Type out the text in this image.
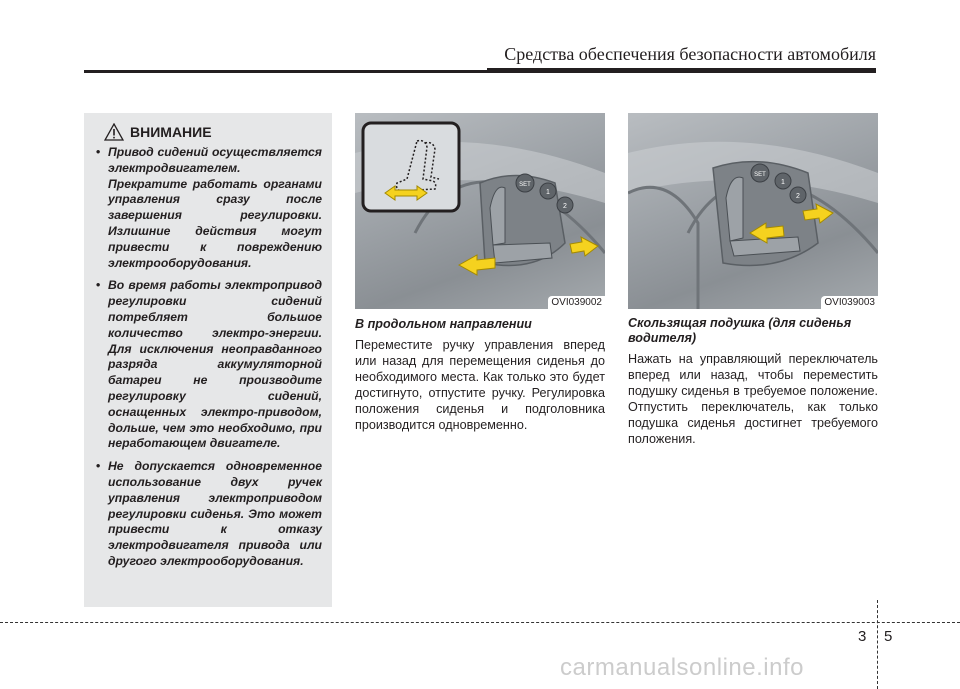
Средства обеспечения безопасности автомобиля
ВНИМАНИЕ
• Привод сидений осуществляется электродвигателем. Прекратите работать органами управления сразу после завершения регулировки. Излишние действия могут привести к повреждению электрооборудования.
• Во время работы электропривод регулировки сидений потребляет большое количество электро-энергии. Для исключения неоправданного разряда аккумуляторной батареи не производите регулировку сидений, оснащенных электро-приводом, дольше, чем это необходимо, при неработающем двигателе.
• Не допускается одновременное использование двух ручек управления электроприводом регулировки сиденья. Это может привести к отказу электродвигателя привода или другого электрооборудования.
SET
1
2
OVI039002
SET
1
2
OVI039003
В продольном направлении

Переместите ручку управления вперед или назад для перемещения сиденья до необходимого места. Как только это будет достигнуто, отпустите ручку. Регулировка положения сиденья и подголовника производится одновременно.

Скользящая подушка (для сиденья водителя)

Нажать на управляющий переключатель вперед или назад, чтобы переместить подушку сиденья в требуемое положение. Отпустить переключатель, как только подушка сиденья достигнет требуемого положения.

3 5
carmanualsonline.info
